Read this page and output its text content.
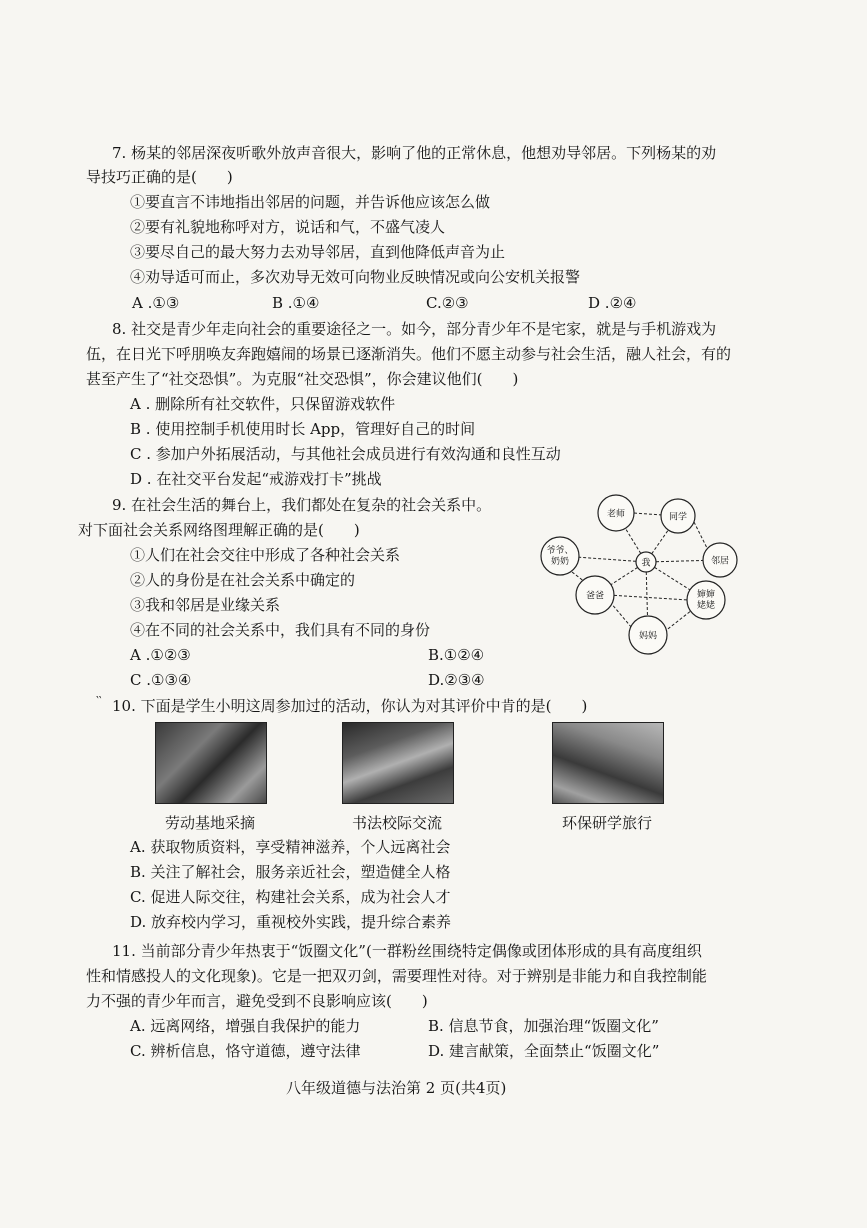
7. 杨某的邻居深夜听歌外放声音很大，影响了他的正常休息，他想劝导邻居。下列杨某的劝
导技巧正确的是(　　)
①要直言不讳地指出邻居的问题，并告诉他应该怎么做
②要有礼貌地称呼对方，说话和气，不盛气凌人
③要尽自己的最大努力去劝导邻居，直到他降低声音为止
④劝导适可而止，多次劝导无效可向物业反映情况或向公安机关报警
A .①③	B .①④	C.②③	D .②④
8. 社交是青少年走向社会的重要途径之一。如今，部分青少年不是宅家，就是与手机游戏为
伍，在日光下呼朋唤友奔跑嬉闹的场景已逐渐消失。他们不愿主动参与社会生活，融人社会，有的
甚至产生了“社交恐惧”。为克服“社交恐惧”，你会建议他们(　　)
A . 删除所有社交软件，只保留游戏软件
B . 使用控制手机使用时长 App，管理好自己的时间
C . 参加户外拓展活动，与其他社会成员进行有效沟通和良性互动
D . 在社交平台发起“戒游戏打卡”挑战
9. 在社会生活的舞台上，我们都处在复杂的社会关系中。
对下面社会关系网络图理解正确的是(　　)
①人们在社会交往中形成了各种社会关系
②人的身份是在社会关系中确定的
③我和邻居是业缘关系
④在不同的社会关系中，我们具有不同的身份
A .①②③	B.①②④
C .①③④	D.②③④
我
老师	同学
邻居
婶婶
姥姥
妈妈
爸爸
爷爷、
奶奶
‵‵ 10. 下面是学生小明这周参加过的活动，你认为对其评价中肯的是(　　)
劳动基地采摘	书法校际交流	环保研学旅行
A. 获取物质资料，享受精神滋养，个人远离社会
B. 关注了解社会，服务亲近社会，塑造健全人格
C. 促进人际交往，构建社会关系，成为社会人才
D. 放弃校内学习，重视校外实践，提升综合素养
11. 当前部分青少年热衷于“饭圈文化”(一群粉丝围绕特定偶像或团体形成的具有高度组织
性和情感投人的文化现象)。它是一把双刃剑，需要理性对待。对于辨别是非能力和自我控制能
力不强的青少年而言，避免受到不良影响应该(　　)
A. 远离网络，增强自我保护的能力	B. 信息节食，加强治理“饭圈文化”
C. 辨析信息，恪守道德，遵守法律	D. 建言献策，全面禁止“饭圈文化”
八年级道德与法治第 2 页(共4页)
